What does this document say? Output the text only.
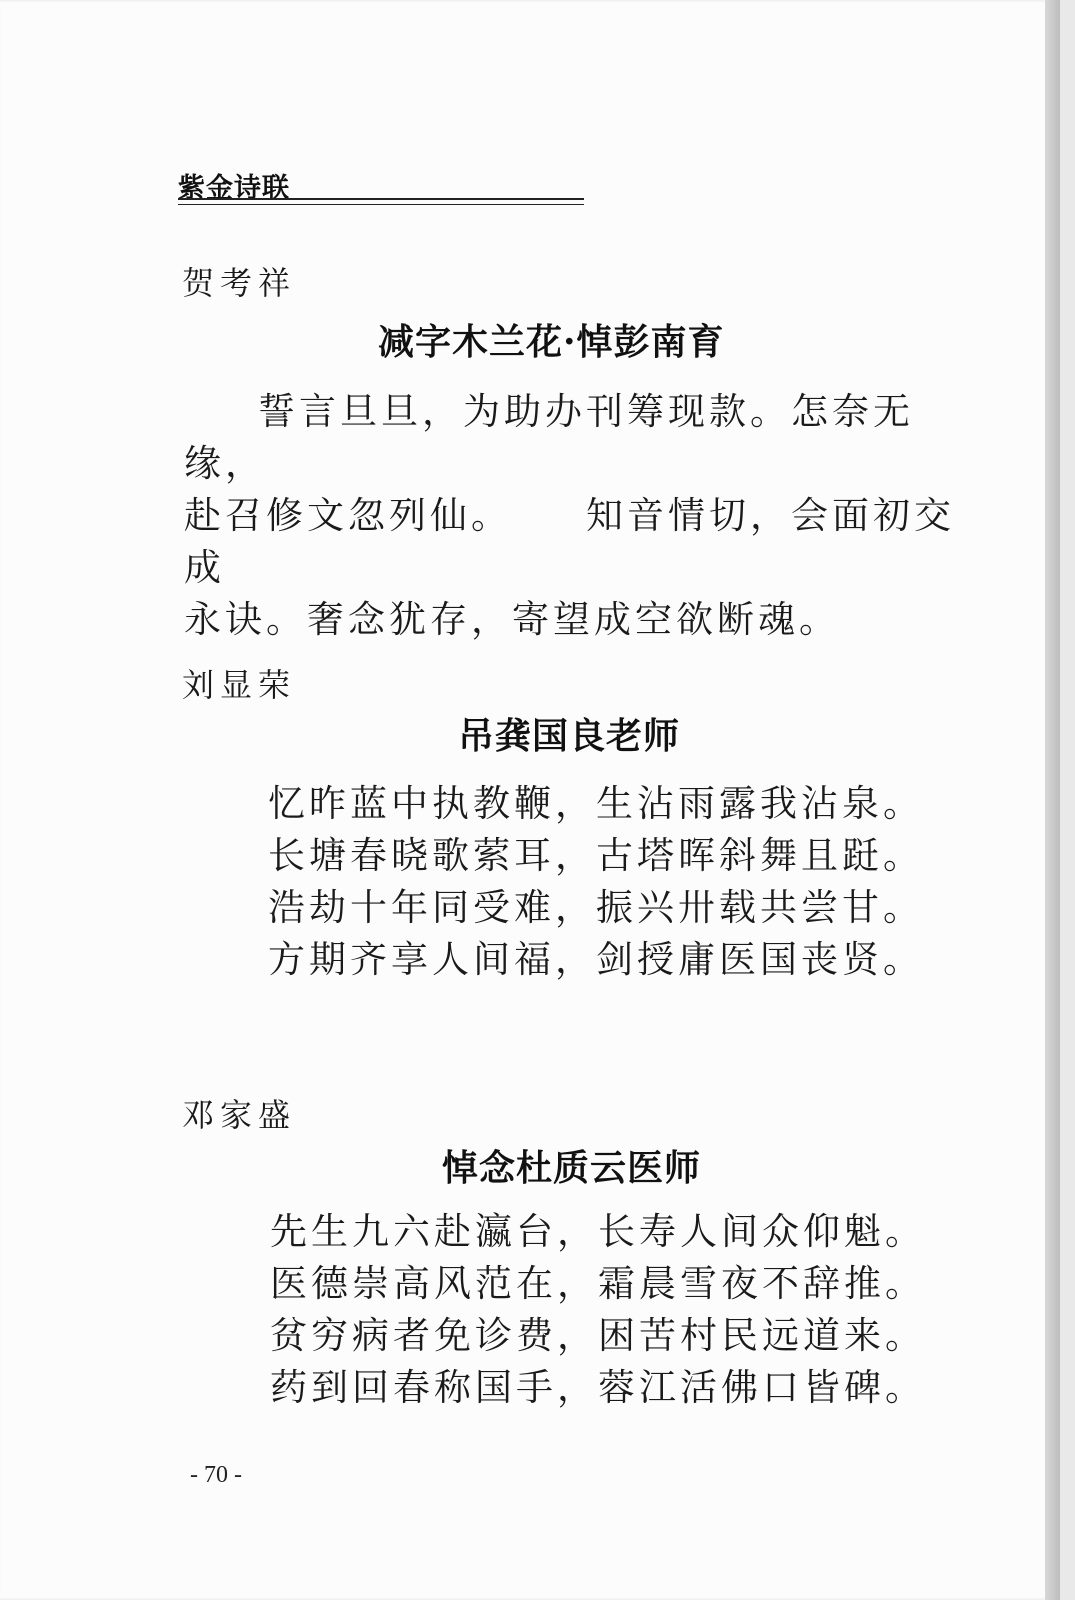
紫金诗联
贺考祥
减字木兰花·悼彭南育
誓言旦旦，为助办刊筹现款。怎奈无缘，
赴召修文忽列仙。 知音情切，会面初交成
永诀。奢念犹存，寄望成空欲断魂。
刘显荣
吊龚国良老师
忆昨蓝中执教鞭，生沾雨露我沾泉。
长塘春晓歌萦耳，古塔晖斜舞且跹。
浩劫十年同受难，振兴卅载共尝甘。
方期齐享人间福，剑授庸医国丧贤。
邓家盛
悼念杜质云医师
先生九六赴瀛台，长寿人间众仰魁。
医德崇高风范在，霜晨雪夜不辞推。
贫穷病者免诊费，困苦村民远道来。
药到回春称国手，蓉江活佛口皆碑。
- 70 -
